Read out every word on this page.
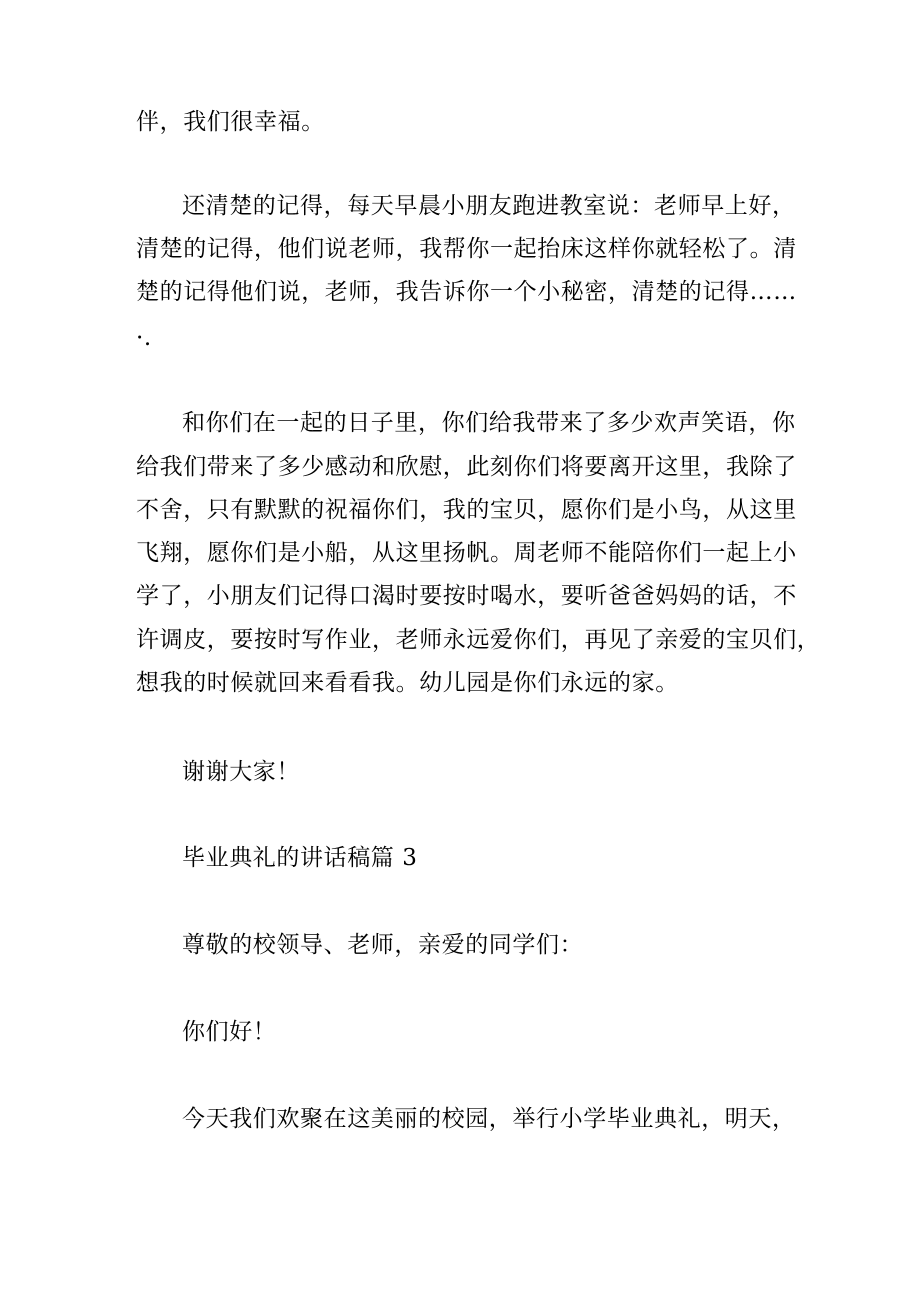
伴，我们很幸福。
还清楚的记得，每天早晨小朋友跑进教室说：老师早上好，
清楚的记得，他们说老师，我帮你一起抬床这样你就轻松了。清
楚的记得他们说，老师，我告诉你一个小秘密，清楚的记得……
·.
和你们在一起的日子里，你们给我带来了多少欢声笑语，你
给我们带来了多少感动和欣慰，此刻你们将要离开这里，我除了
不舍，只有默默的祝福你们，我的宝贝，愿你们是小鸟，从这里
飞翔，愿你们是小船，从这里扬帆。周老师不能陪你们一起上小
学了，小朋友们记得口渴时要按时喝水，要听爸爸妈妈的话，不
许调皮，要按时写作业，老师永远爱你们，再见了亲爱的宝贝们，
想我的时候就回来看看我。幼儿园是你们永远的家。
谢谢大家！
毕业典礼的讲话稿篇 3
尊敬的校领导、老师，亲爱的同学们：
你们好！
今天我们欢聚在这美丽的校园，举行小学毕业典礼，明天，
